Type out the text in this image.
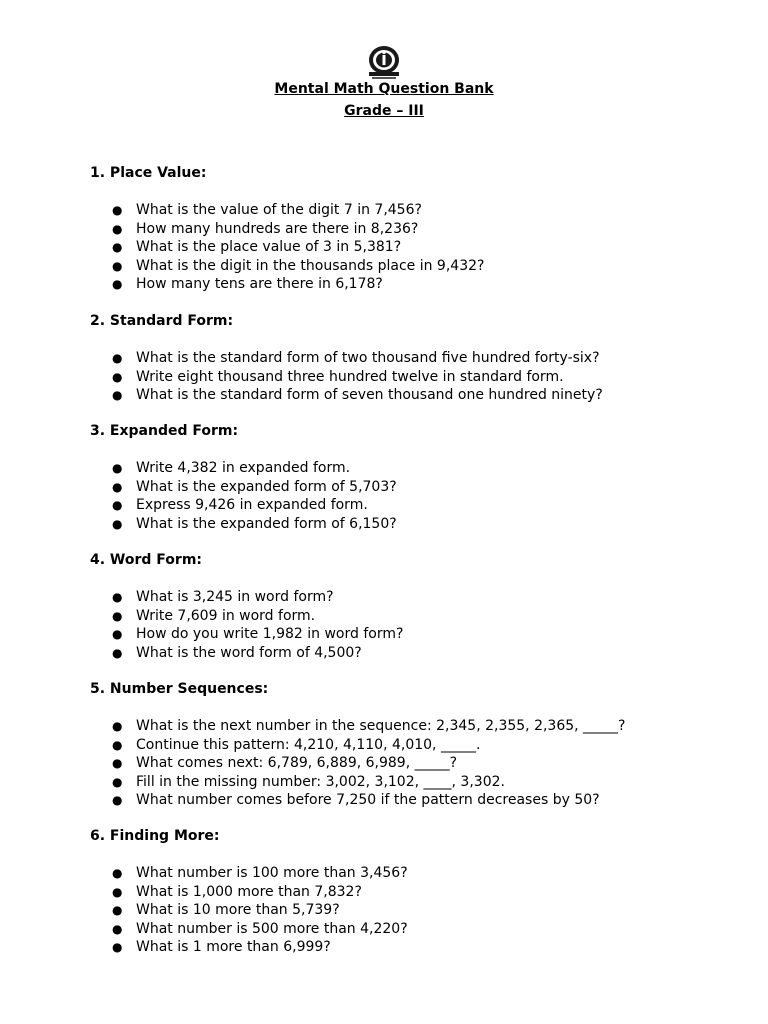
Mental Math Question Bank
Grade – III
1. Place Value:
● What is the value of the digit 7 in 7,456?
● How many hundreds are there in 8,236?
● What is the place value of 3 in 5,381?
● What is the digit in the thousands place in 9,432?
● How many tens are there in 6,178?
2. Standard Form:
● What is the standard form of two thousand five hundred forty-six?
● Write eight thousand three hundred twelve in standard form.
● What is the standard form of seven thousand one hundred ninety?
3. Expanded Form:
● Write 4,382 in expanded form.
● What is the expanded form of 5,703?
● Express 9,426 in expanded form.
● What is the expanded form of 6,150?
4. Word Form:
● What is 3,245 in word form?
● Write 7,609 in word form.
● How do you write 1,982 in word form?
● What is the word form of 4,500?
5. Number Sequences:
● What is the next number in the sequence: 2,345, 2,355, 2,365, _____?
● Continue this pattern: 4,210, 4,110, 4,010, _____.
● What comes next: 6,789, 6,889, 6,989, _____?
● Fill in the missing number: 3,002, 3,102, ____, 3,302.
● What number comes before 7,250 if the pattern decreases by 50?
6. Finding More:
● What number is 100 more than 3,456?
● What is 1,000 more than 7,832?
● What is 10 more than 5,739?
● What number is 500 more than 4,220?
● What is 1 more than 6,999?
